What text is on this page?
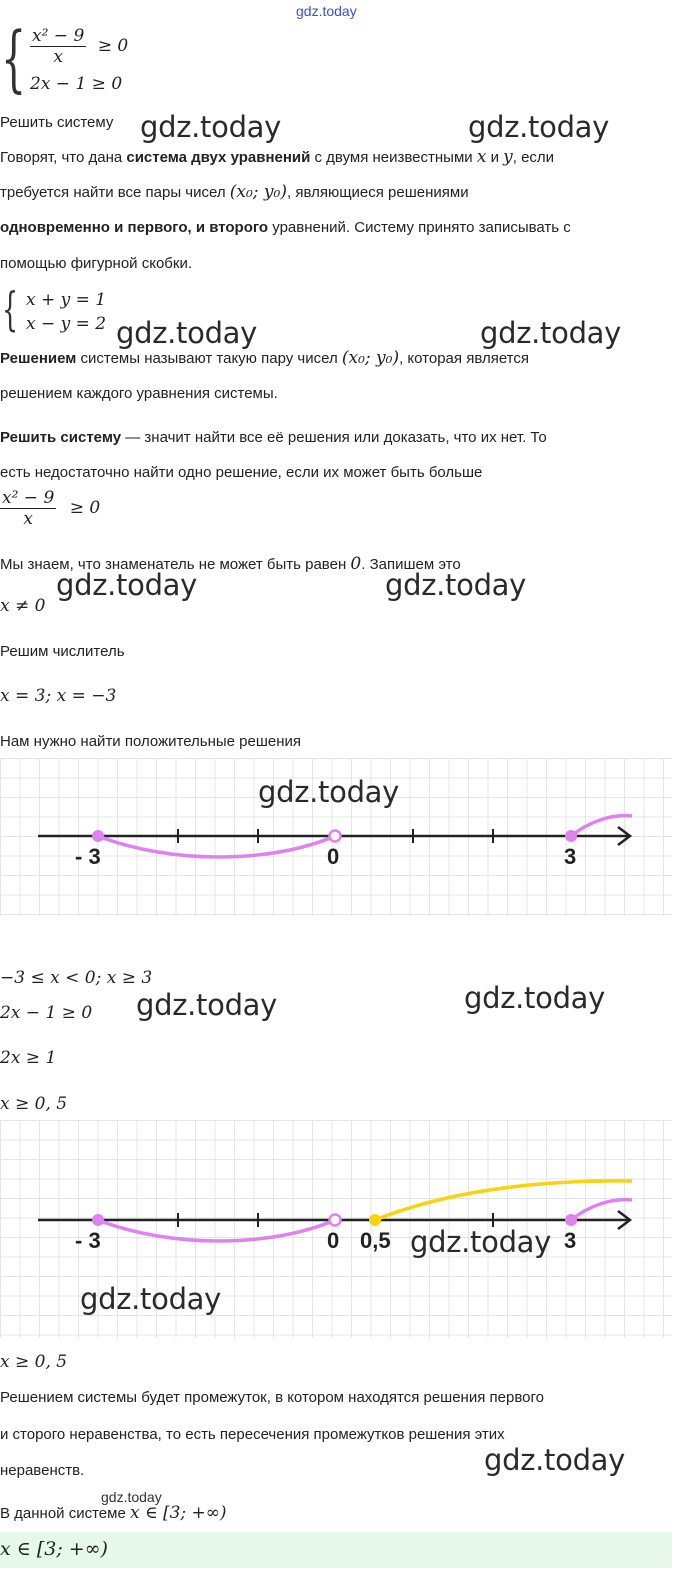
gdz.today
{ $\frac{\text{x² − 9}}{x} \ge 0$
2x − 1 ≥ 0
Решить систему
Говорят, что дана система двух уравнений с двумя неизвестными x и y, если
требуется найти все пары чисел (x₀; y₀), являющиеся решениями
одновременно и первого, и второго уравнений. Систему принято записывать с
помощью фигурной скобки.
{ x + y = 1
x − y = 2
Решением системы называют такую пару чисел (x₀; y₀), которая является
решением каждого уравнения системы.
Решить систему — значит найти все её решения или доказать, что их нет. То
есть недостаточно найти одно решение, если их может быть больше
$\frac{\text{x² − 9}}{x} \ge 0$
Мы знаем, что знаменатель не может быть равен 0. Запишем это
x ≠ 0
Решим числитель
x = 3; x = −3
Нам нужно найти положительные решения
- 3	0	3
−3 ≤ x < 0; x ≥ 3
2x − 1 ≥ 0
2x ≥ 1
x ≥ 0, 5
- 3	0 0,5	3
x ≥ 0, 5
Решением системы будет промежуток, в котором находятся решения первого
и сторого неравенства, то есть пересечения промежутков решения этих
неравенств.
В данной системе x ∈ [3; +∞)
x ∈ [3; +∞)
gdz.today	gdz.today
gdz.today	gdz.today
gdz.today	gdz.today
gdz.today
gdz.today	gdz.today
gdz.today
gdz.today
gdz.today
gdz.today
